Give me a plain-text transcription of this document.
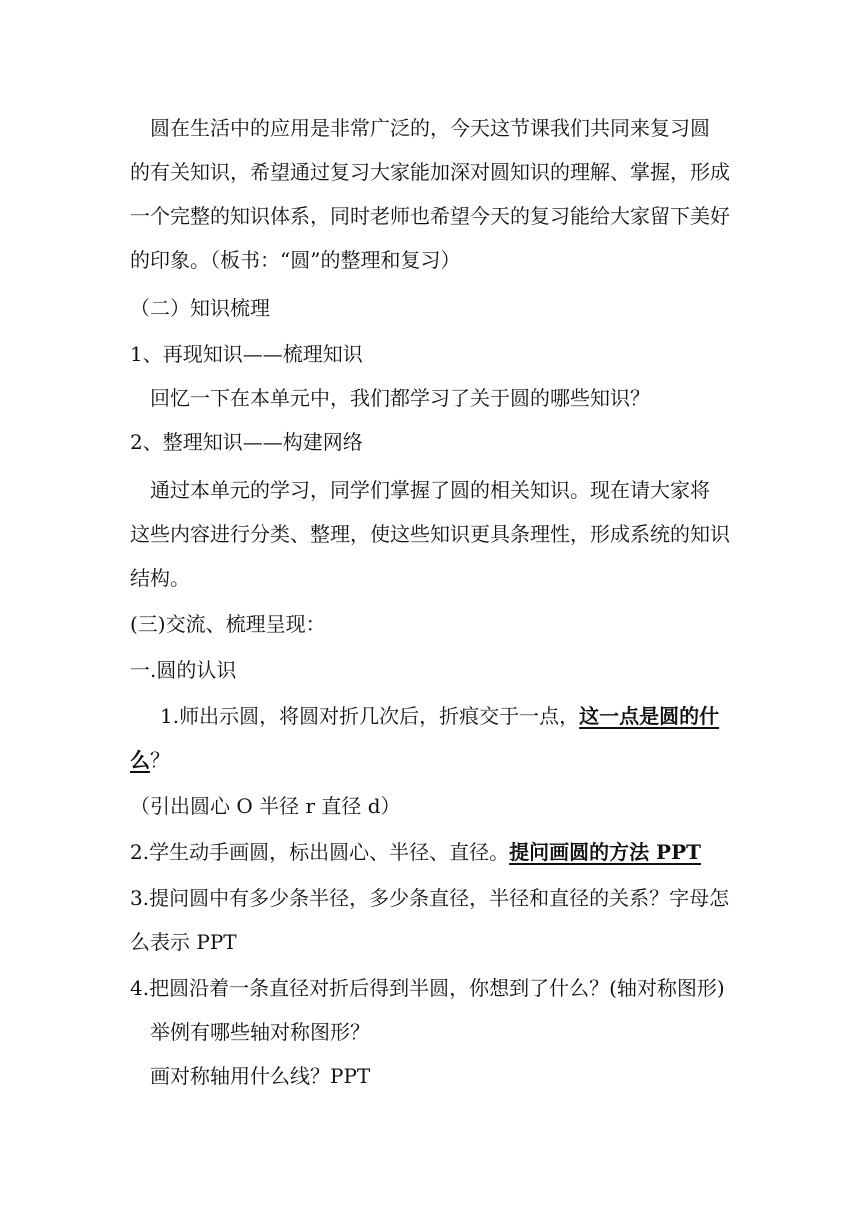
圆在生活中的应用是非常广泛的，今天这节课我们共同来复习圆
的有关知识，希望通过复习大家能加深对圆知识的理解、掌握，形成
一个完整的知识体系，同时老师也希望今天的复习能给大家留下美好
的印象。（板书：“圆”的整理和复习）
（二）知识梳理
1、再现知识——梳理知识
回忆一下在本单元中，我们都学习了关于圆的哪些知识？
2、整理知识——构建网络
通过本单元的学习，同学们掌握了圆的相关知识。现在请大家将
这些内容进行分类、整理，使这些知识更具条理性，形成系统的知识
结构。
(三)交流、梳理呈现：
一.圆的认识
1.师出示圆，将圆对折几次后，折痕交于一点，这一点是圆的什
么？
（引出圆心 O 半径 r 直径 d）
2.学生动手画圆，标出圆心、半径、直径。提问画圆的方法 PPT
3.提问圆中有多少条半径，多少条直径，半径和直径的关系？字母怎
么表示 PPT
4.把圆沿着一条直径对折后得到半圆，你想到了什么？(轴对称图形)
举例有哪些轴对称图形？
画对称轴用什么线？PPT
